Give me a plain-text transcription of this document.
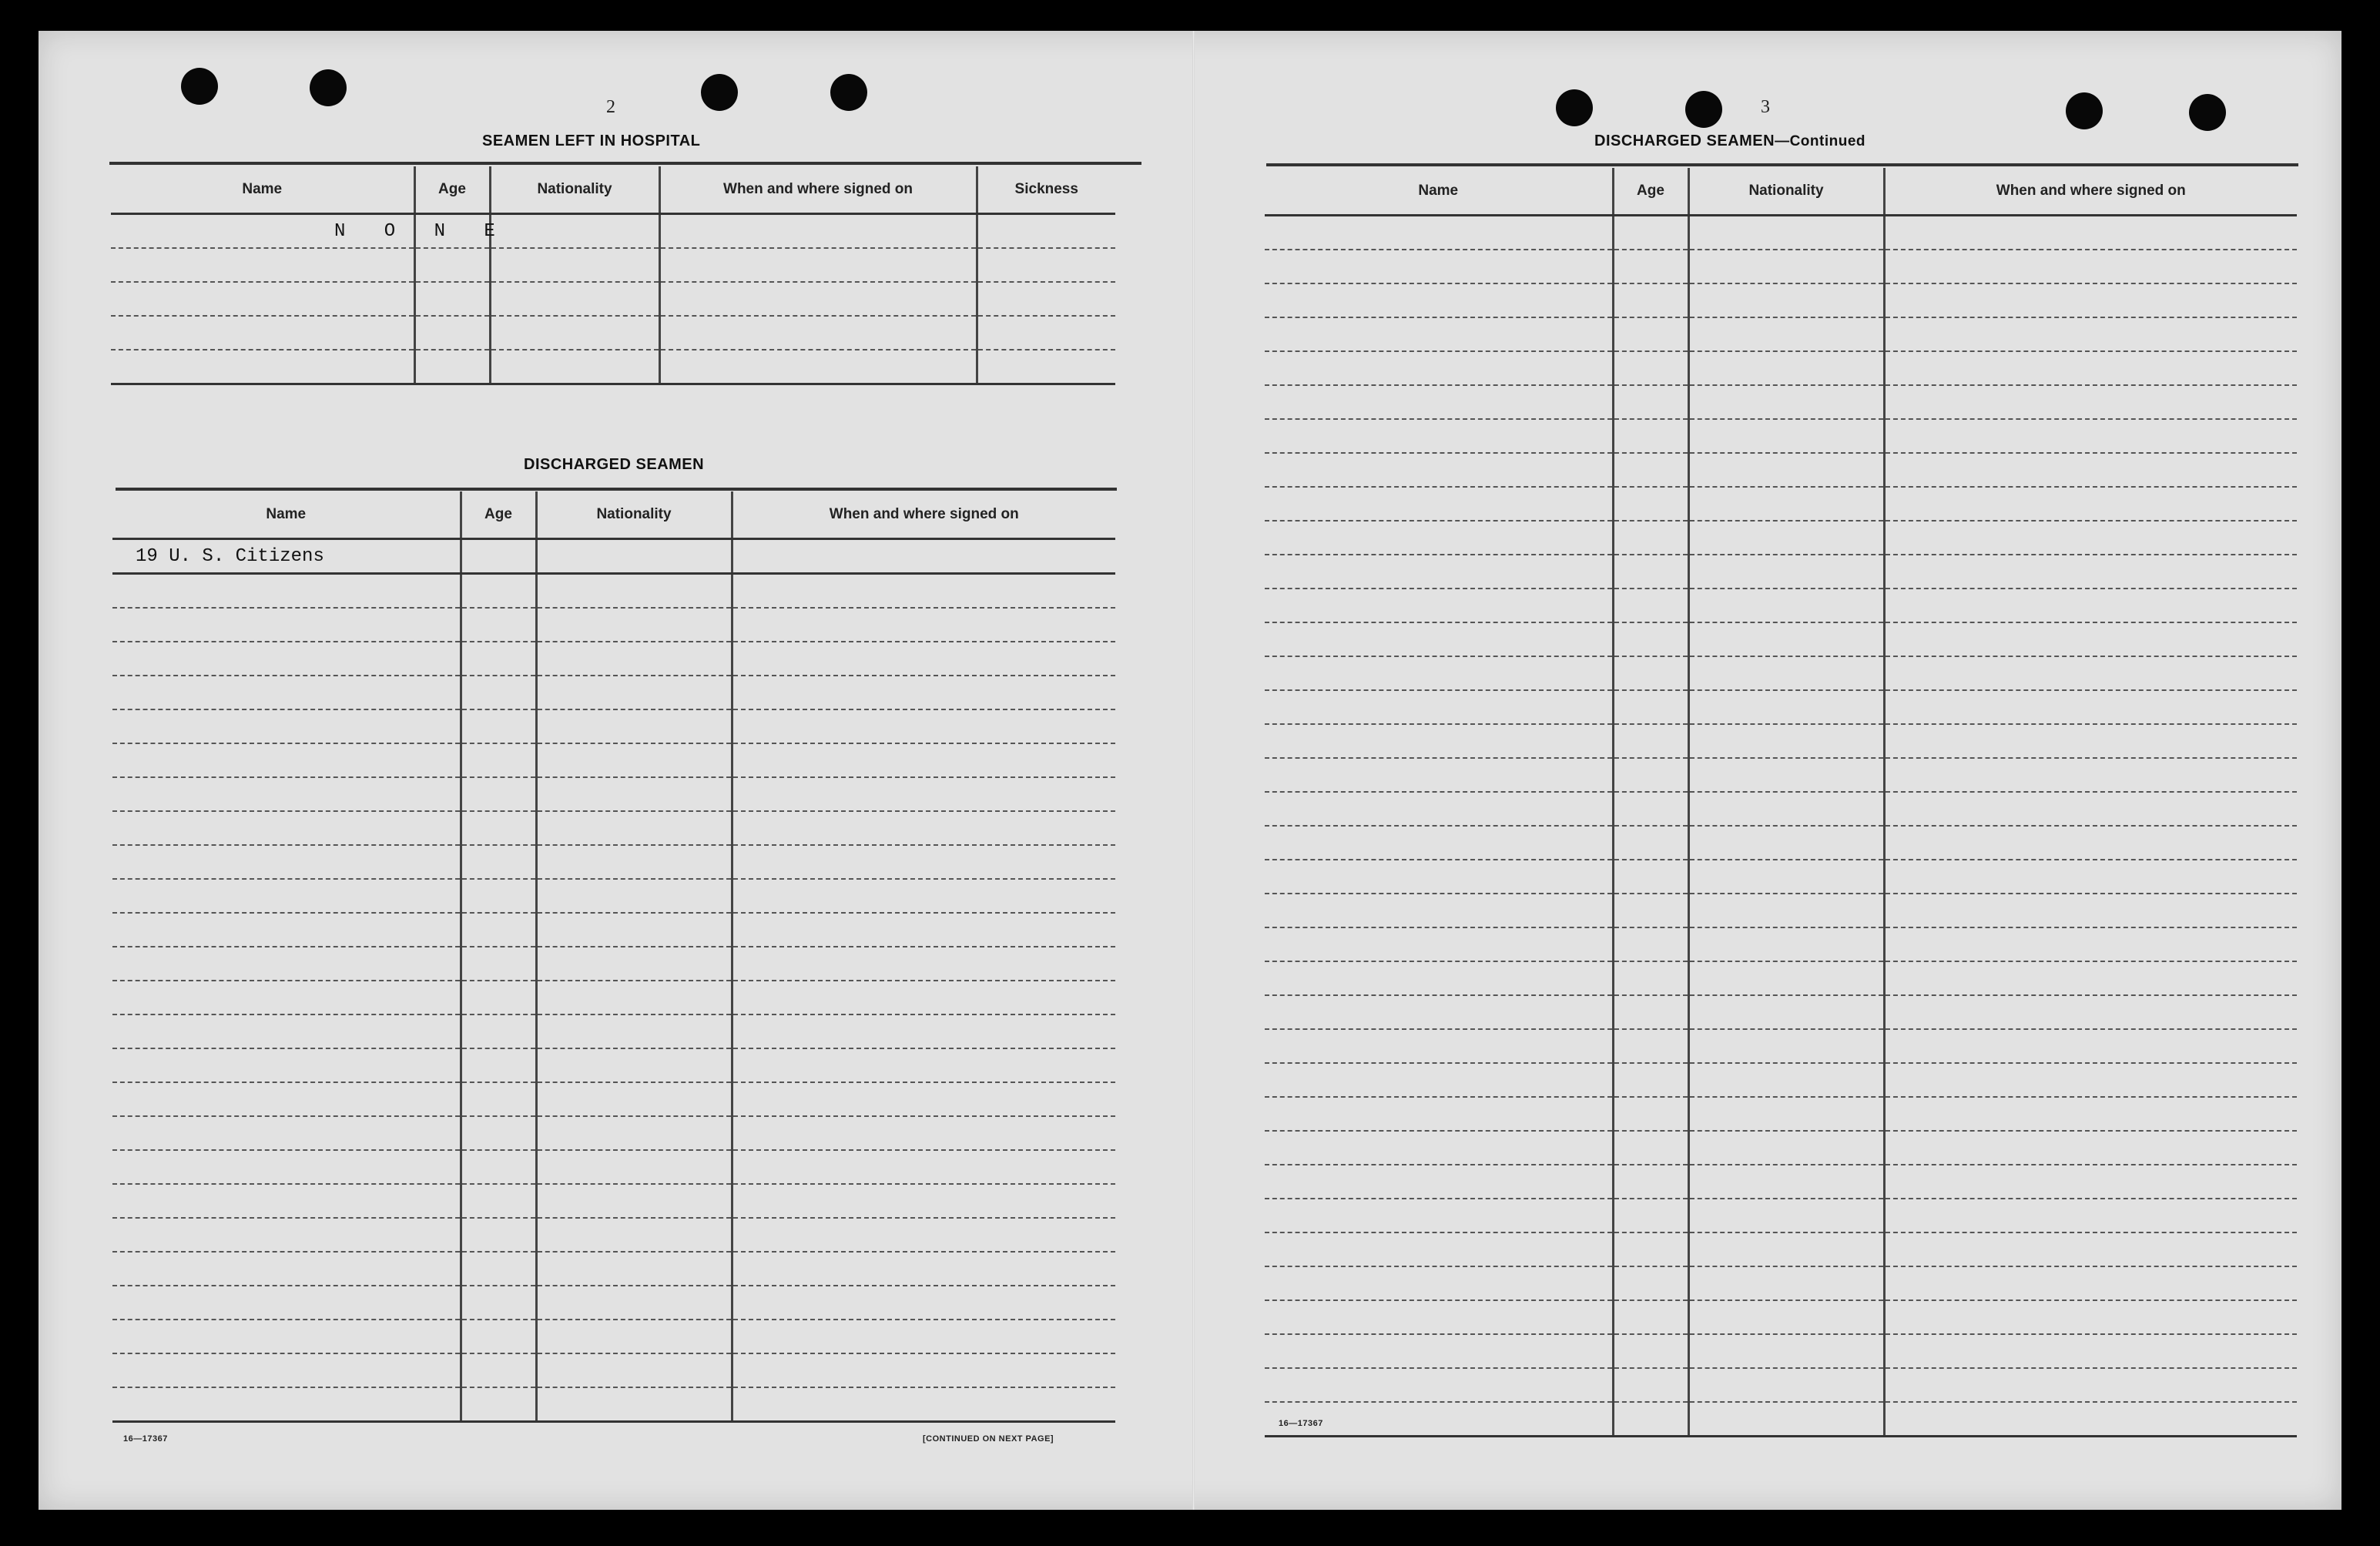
2
SEAMEN LEFT IN HOSPITAL
Name	Age	Nationality	When and where signed on	Sickness
N O N E				

DISCHARGED SEAMEN
Name	Age	Nationality	When and where signed on
19 U. S. Citizens			

16—17367	[CONTINUED ON NEXT PAGE]
3
DISCHARGED SEAMEN—Continued
Name	Age	Nationality	When and where signed on

16—17367
